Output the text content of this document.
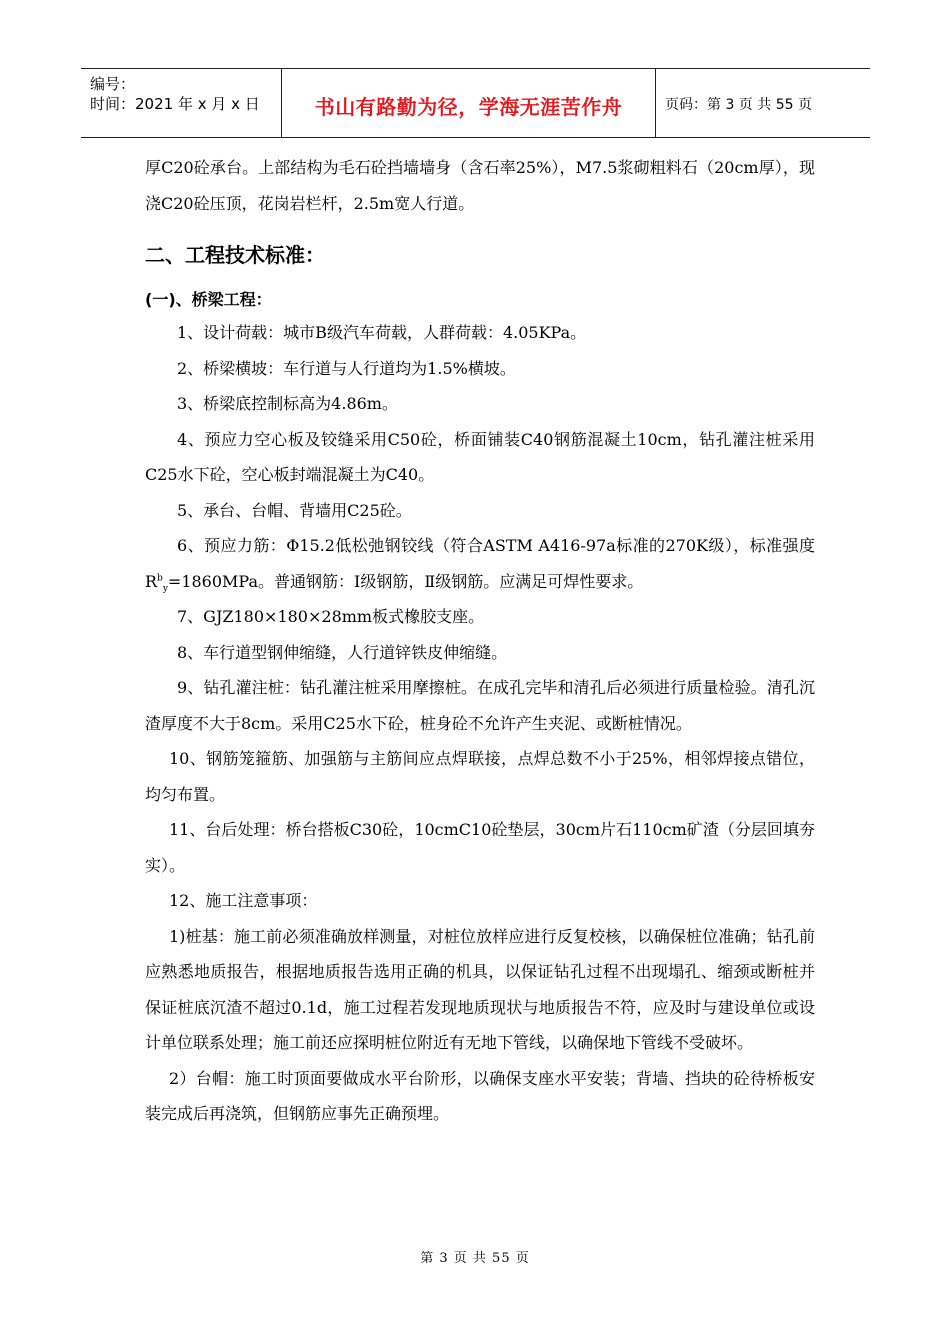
编号：
时间：2021 年 x 月 x 日	书山有路勤为径，学海无涯苦作舟	页码：第 3 页 共 55 页

厚C20砼承台。上部结构为毛石砼挡墙墙身（含石率25%），M7.5浆砌粗料石（20cm厚），现浇C20砼压顶，花岗岩栏杆，2.5m宽人行道。

二、工程技术标准：
(一)、桥梁工程：

1、设计荷载：城市B级汽车荷载，人群荷载：4.05KPa。

2、桥梁横坡：车行道与人行道均为1.5%横坡。

3、桥梁底控制标高为4.86m。

4、预应力空心板及铰缝采用C50砼，桥面铺装C40钢筋混凝土10cm，钻孔灌注桩采用C25水下砼，空心板封端混凝土为C40。

5、承台、台帽、背墙用C25砼。

6、预应力筋：Φ15.2低松弛钢铰线（符合ASTM A416-97a标准的270K级），标准强度$R^b_y=1860MPa$。普通钢筋：I级钢筋，Ⅱ级钢筋。应满足可焊性要求。

7、GJZ180×180×28mm板式橡胶支座。

8、车行道型钢伸缩缝，人行道锌铁皮伸缩缝。

9、钻孔灌注桩：钻孔灌注桩采用摩擦桩。在成孔完毕和清孔后必须进行质量检验。清孔沉渣厚度不大于8cm。采用C25水下砼，桩身砼不允许产生夹泥、或断桩情况。

10、钢筋笼箍筋、加强筋与主筋间应点焊联接，点焊总数不小于25%，相邻焊接点错位，均匀布置。

11、台后处理：桥台搭板C30砼，10cmC10砼垫层，30cm片石110cm矿渣（分层回填夯实）。

12、施工注意事项：

1)桩基：施工前必须准确放样测量，对桩位放样应进行反复校核，以确保桩位准确；钻孔前应熟悉地质报告，根据地质报告选用正确的机具，以保证钻孔过程不出现塌孔、缩颈或断桩并保证桩底沉渣不超过0.1d，施工过程若发现地质现状与地质报告不符，应及时与建设单位或设计单位联系处理；施工前还应探明桩位附近有无地下管线，以确保地下管线不受破坏。

2）台帽：施工时顶面要做成水平台阶形，以确保支座水平安装；背墙、挡块的砼待桥板安装完成后再浇筑，但钢筋应事先正确预埋。

第 3 页 共 55 页
